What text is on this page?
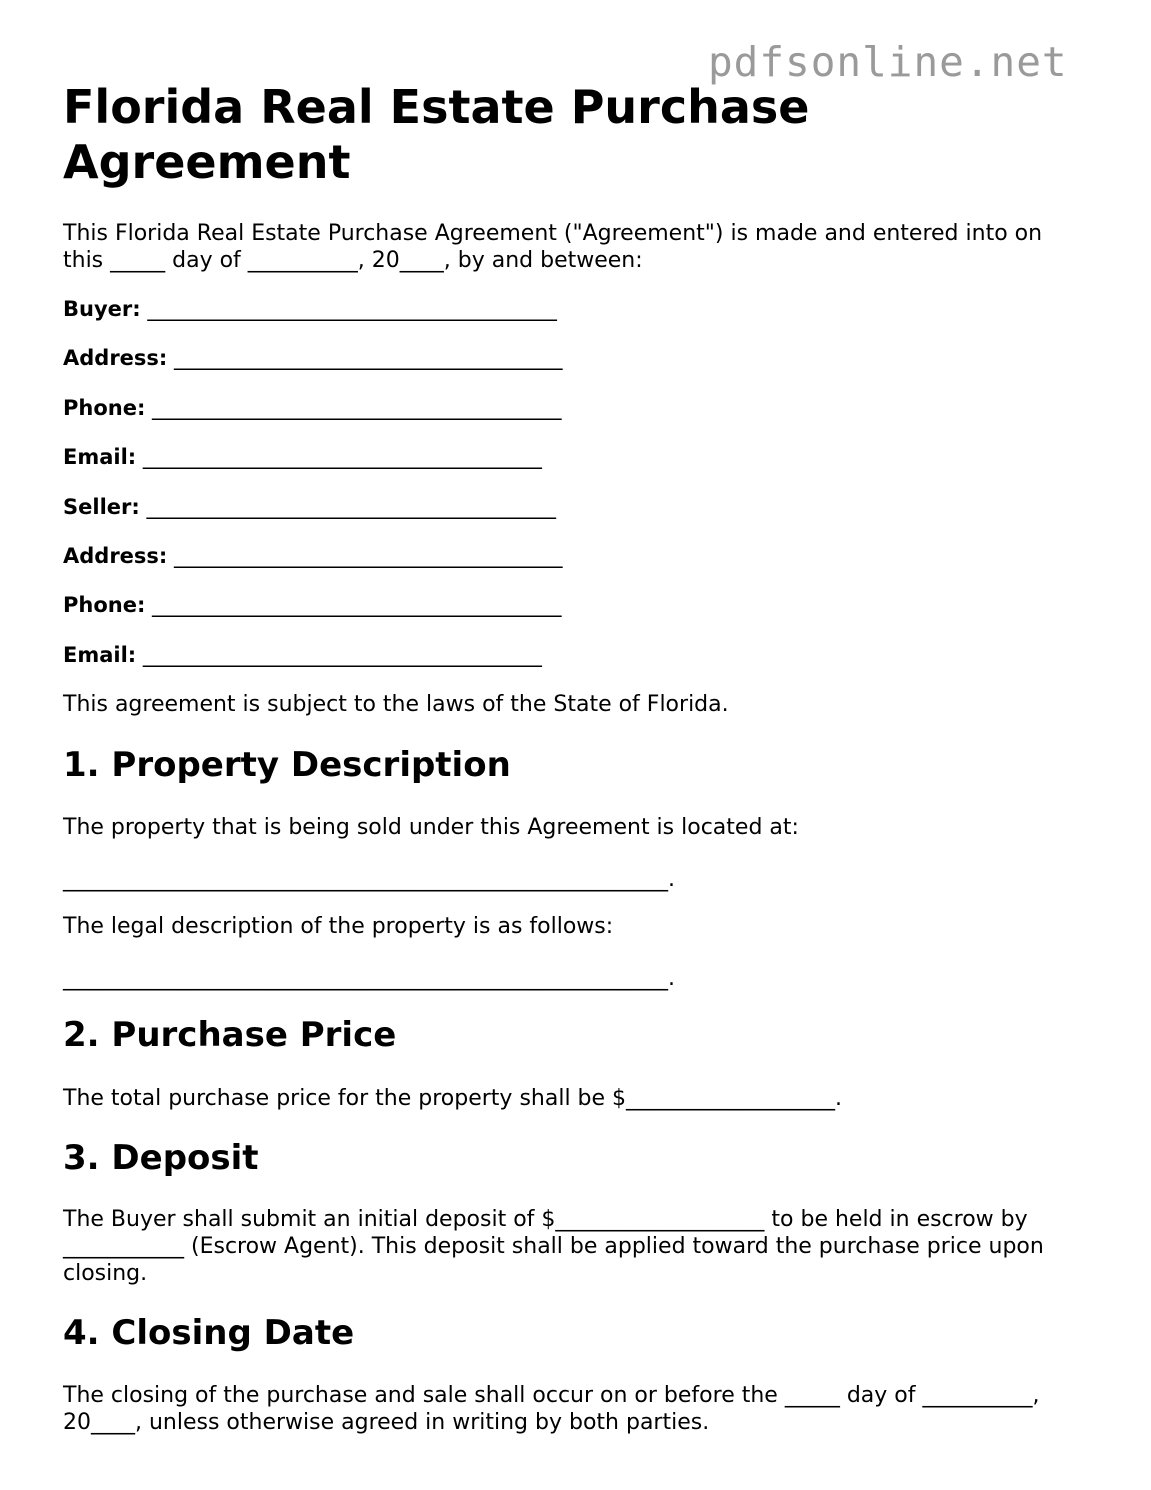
pdfsonline.net
Florida Real Estate Purchase Agreement

This Florida Real Estate Purchase Agreement ("Agreement") is made and entered into on this _____ day of __________, 20____, by and between:

Buyer: _______________________________________
Address: _____________________________________
Phone: _______________________________________
Email: ______________________________________
Seller: _______________________________________
Address: _____________________________________
Phone: _______________________________________
Email: ______________________________________

This agreement is subject to the laws of the State of Florida.

1. Property Description

The property that is being sold under this Agreement is located at:

_______________________________________________________.

The legal description of the property is as follows:

_______________________________________________________.
2. Purchase Price

The total purchase price for the property shall be $___________________.

3. Deposit

The Buyer shall submit an initial deposit of $___________________ to be held in escrow by ___________ (Escrow Agent). This deposit shall be applied toward the purchase price upon closing.

4. Closing Date

The closing of the purchase and sale shall occur on or before the _____ day of __________, 20____, unless otherwise agreed in writing by both parties.
